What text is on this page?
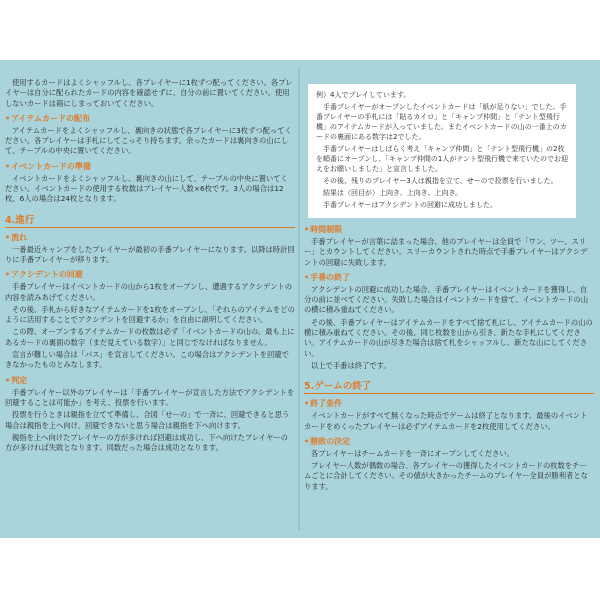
使用するカードはよくシャッフルし、各プレイヤーに1枚ずつ配ってください。各プレイヤーは自分に配られたカードの内容を確認せずに、自分の前に置いてください。使用しないカードは箱にしまっておいてください。

•アイテムカードの配布

アイテムカードをよくシャッフルし、裏向きの状態で各プレイヤーに3枚ずつ配ってください。各プレイヤーは手札にしてこっそり持ちます。余ったカードは裏向きの山にして、テーブルの中央に置いてください。

•イベントカードの準備

イベントカードをよくシャッフルし、裏向きの山にして、テーブルの中央に置いてください。イベントカードの使用する枚数はプレイヤー人数×6枚です。3人の場合は12枚、6人の場合は24枚となります。

4.進行
•流れ

一番最近キャンプをしたプレイヤーが最初の手番プレイヤーになります。以降は時計回りに手番プレイヤーが移ります。

•アクシデントの回避

手番プレイヤーはイベントカードの山から1枚をオープンし、遭遇するアクシデントの内容を読みあげてください。

その後、手札から好きなアイテムカードを1枚をオープンし、「それらのアイテムをどのように活用することでアクシデントを回避するか」を自由に説明してください。

この際、オープンするアイテムカードの枚数は必ず「イベントカードの山の、最も上にあるカードの裏面の数字（まだ見えている数字）」と同じでなければなりません。

宣言が難しい場合は「パス」を宣言してください。この場合はアクシデントを回避できなかったものとみなします。

•判定

手番プレイヤー以外のプレイヤーは「手番プレイヤーが宣言した方法でアクシデントを回避することは可能か」を考え、投票を行います。

投票を行うときは親指を立てて準備し、合図「せーの」で一斉に、回避できると思う場合は親指を上へ向け、回避できないと思う場合は親指を下へ向けます。

親指を上へ向けたプレイヤーの方が多ければ回避は成功し、下へ向けたプレイヤーの方が多ければ失敗となります。同数だった場合は成功となります。

例）4人でプレイしています。

手番プレイヤーがオープンしたイベントカードは「紙が足りない」でした。手番プレイヤーの手札には「貼るカイロ」と「キャンプ仲間」と「テント型飛行機」のアイテムカードが入っていました。またイベントカードの山の一番上のカードの裏面にある数字は2でした。

手番プレイヤーはしばらく考え「キャンプ仲間」と「テント型飛行機」の2枚を順番にオープンし、「キャンプ仲間の1人がテント型飛行機で来ていたのでお迎えをお願いしました」と宣言しました。

その後、残りのプレイヤー3人は親指を立て、せーので投票を行いました。

結果は（回目が）上向き、上向き、上向き。

手番プレイヤーはアクシデントの回避に成功しました。

•時間制限

手番プレイヤーが言葉に詰まった場合、他のプレイヤーは全員で「ワン、ツー、スリー」とカウントしてください。スリーカウントされた時点で手番プレイヤーはアクシデントの回避に失敗します。

•手番の終了

アクシデントの回避に成功した場合、手番プレイヤーはイベントカードを獲得し、自分の前に並べてください。失敗した場合はイベントカードを捨て、イベントカードの山の横に積み重ねてください。

その後、手番プレイヤーはアイテムカードをすべて捨て札にし、アイテムカードの山の横に積み重ねてください。その後、同じ枚数を山から引き、新たな手札にしてください。アイテムカードの山が尽きた場合は捨て札をシャッフルし、新たな山にしてください。

以上で手番は終了です。

5.ゲームの終了
•終了条件

イベントカードがすべて無くなった時点でゲームは終了となります。最後のイベントカードをめくったプレイヤーは必ずアイテムカードを2枚使用してください。

•勝敗の決定

各プレイヤーはチームカードを一斉にオープンしてください。

プレイヤー人数が偶数の場合、各プレイヤーの獲得したイベントカードの枚数をチームごとに合計してください。その値が大きかったチームのプレイヤー全員が勝利者となります。
